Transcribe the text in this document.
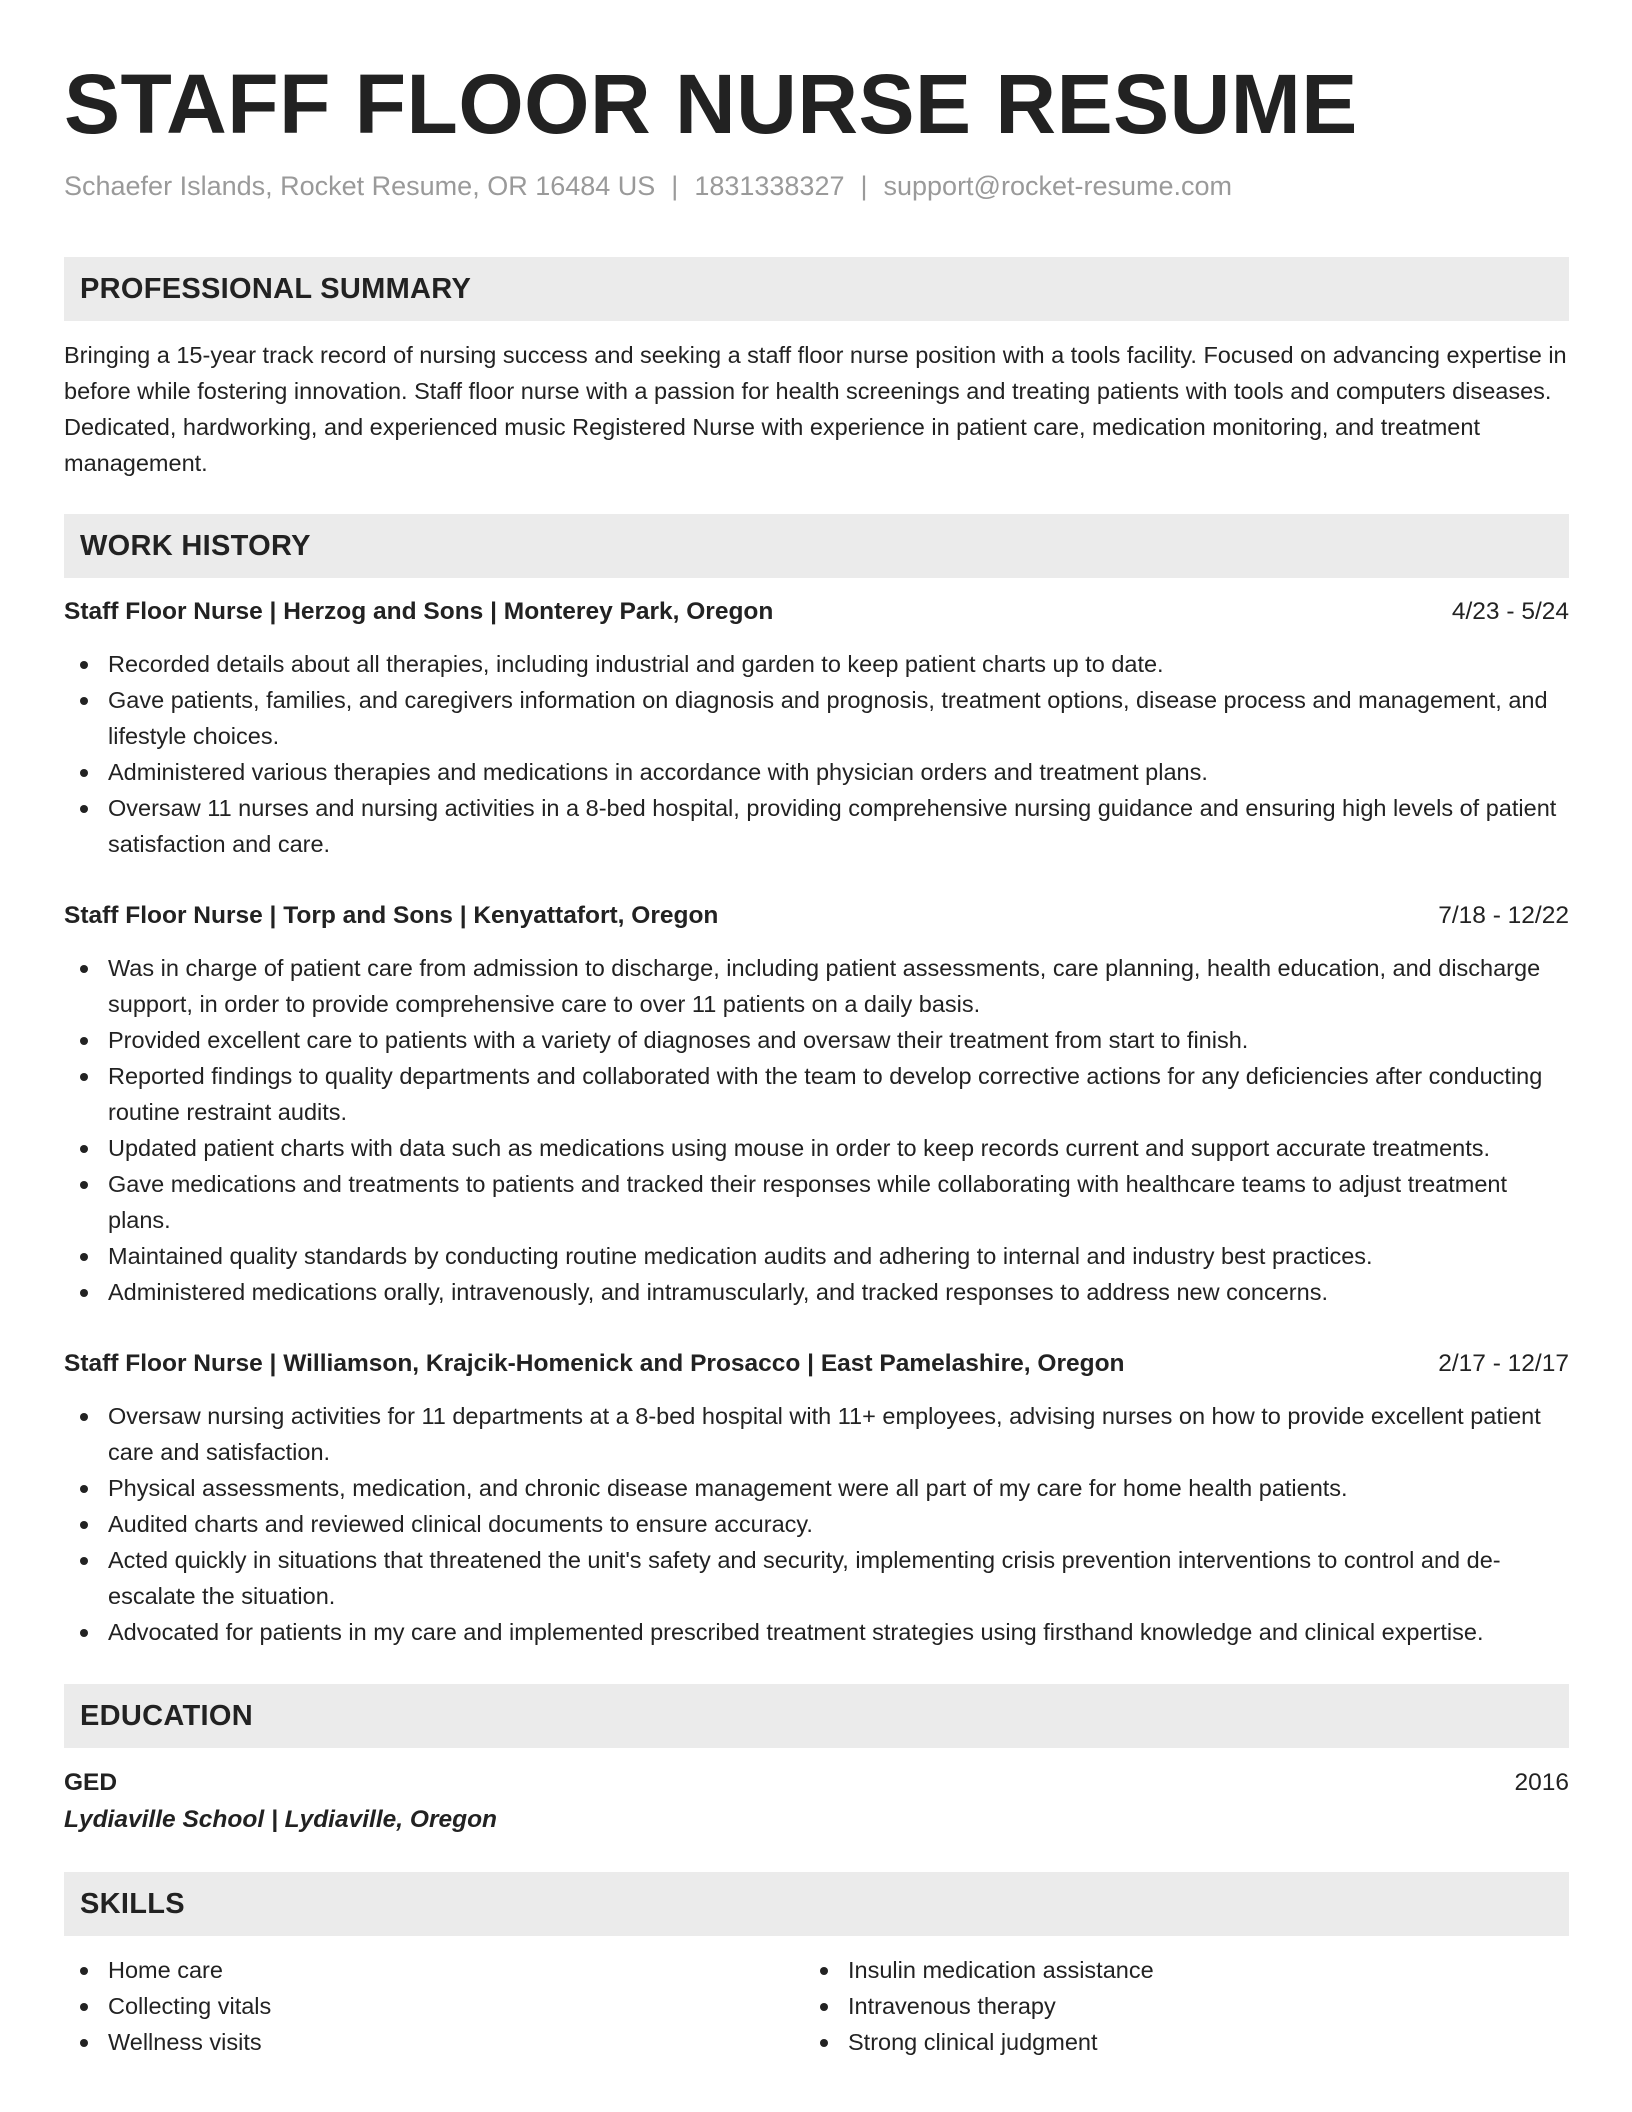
STAFF FLOOR NURSE RESUME
Schaefer Islands, Rocket Resume, OR 16484 US | 1831338327 | support@rocket-resume.com
PROFESSIONAL SUMMARY
Bringing a 15-year track record of nursing success and seeking a staff floor nurse position with a tools facility. Focused on advancing expertise in before while fostering innovation. Staff floor nurse with a passion for health screenings and treating patients with tools and computers diseases. Dedicated, hardworking, and experienced music Registered Nurse with experience in patient care, medication monitoring, and treatment management.
WORK HISTORY
Staff Floor Nurse | Herzog and Sons | Monterey Park, Oregon	4/23 - 5/24
Recorded details about all therapies, including industrial and garden to keep patient charts up to date.
Gave patients, families, and caregivers information on diagnosis and prognosis, treatment options, disease process and management, and lifestyle choices.
Administered various therapies and medications in accordance with physician orders and treatment plans.
Oversaw 11 nurses and nursing activities in a 8-bed hospital, providing comprehensive nursing guidance and ensuring high levels of patient satisfaction and care.
Staff Floor Nurse | Torp and Sons | Kenyattafort, Oregon	7/18 - 12/22
Was in charge of patient care from admission to discharge, including patient assessments, care planning, health education, and discharge support, in order to provide comprehensive care to over 11 patients on a daily basis.
Provided excellent care to patients with a variety of diagnoses and oversaw their treatment from start to finish.
Reported findings to quality departments and collaborated with the team to develop corrective actions for any deficiencies after conducting routine restraint audits.
Updated patient charts with data such as medications using mouse in order to keep records current and support accurate treatments.
Gave medications and treatments to patients and tracked their responses while collaborating with healthcare teams to adjust treatment plans.
Maintained quality standards by conducting routine medication audits and adhering to internal and industry best practices.
Administered medications orally, intravenously, and intramuscularly, and tracked responses to address new concerns.
Staff Floor Nurse | Williamson, Krajcik-Homenick and Prosacco | East Pamelashire, Oregon	2/17 - 12/17
Oversaw nursing activities for 11 departments at a 8-bed hospital with 11+ employees, advising nurses on how to provide excellent patient care and satisfaction.
Physical assessments, medication, and chronic disease management were all part of my care for home health patients.
Audited charts and reviewed clinical documents to ensure accuracy.
Acted quickly in situations that threatened the unit's safety and security, implementing crisis prevention interventions to control and de-escalate the situation.
Advocated for patients in my care and implemented prescribed treatment strategies using firsthand knowledge and clinical expertise.
EDUCATION
GED	2016
Lydiaville School | Lydiaville, Oregon
SKILLS
Home care
Collecting vitals
Wellness visits
Insulin medication assistance
Intravenous therapy
Strong clinical judgment
